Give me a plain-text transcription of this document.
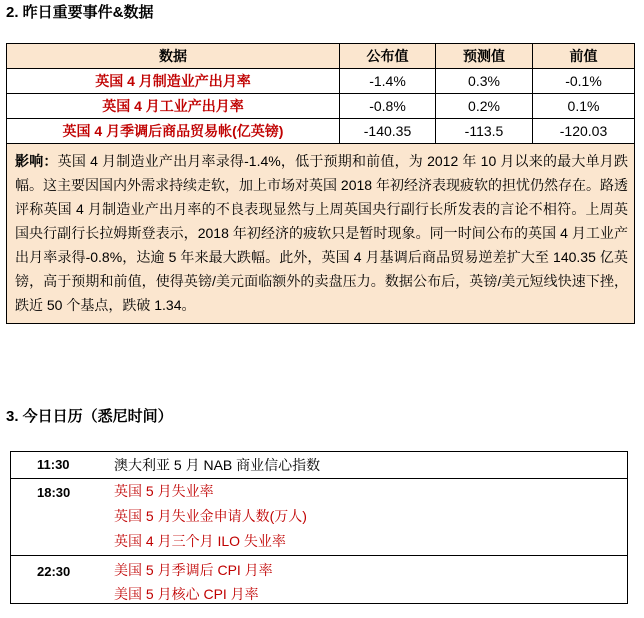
2. 昨日重要事件&数据
数据	公布值	预测值	前值
英国 4 月制造业产出月率	-1.4%	0.3%	-0.1%
英国 4 月工业产出月率	-0.8%	0.2%	0.1%
英国 4 月季调后商品贸易帐(亿英镑)	-140.35	-113.5	-120.03
影响：英国 4 月制造业产出月率录得-1.4%，低于预期和前值，为 2012 年 10 月以来的最大单月跌幅。这主要因国内外需求持续走软，加上市场对英国 2018 年初经济表现疲软的担忧仍然存在。路透评称英国 4 月制造业产出月率的不良表现显然与上周英国央行副行长所发表的言论不相符。上周英国央行副行长拉姆斯登表示，2018 年初经济的疲软只是暂时现象。同一时间公布的英国 4 月工业产出月率录得-0.8%，达逾 5 年来最大跌幅。此外，英国 4 月基调后商品贸易逆差扩大至 140.35 亿英镑，高于预期和前值，使得英镑/美元面临额外的卖盘压力。数据公布后，英镑/美元短线快速下挫，跌近 50 个基点，跌破 1.34。			
3. 今日日历（悉尼时间）
11:30	澳大利亚 5 月 NAB 商业信心指数
18:30	英国 5 月失业率
英国 5 月失业金申请人数(万人)
英国 4 月三个月 ILO 失业率
22:30	美国 5 月季调后 CPI 月率
美国 5 月核心 CPI 月率
